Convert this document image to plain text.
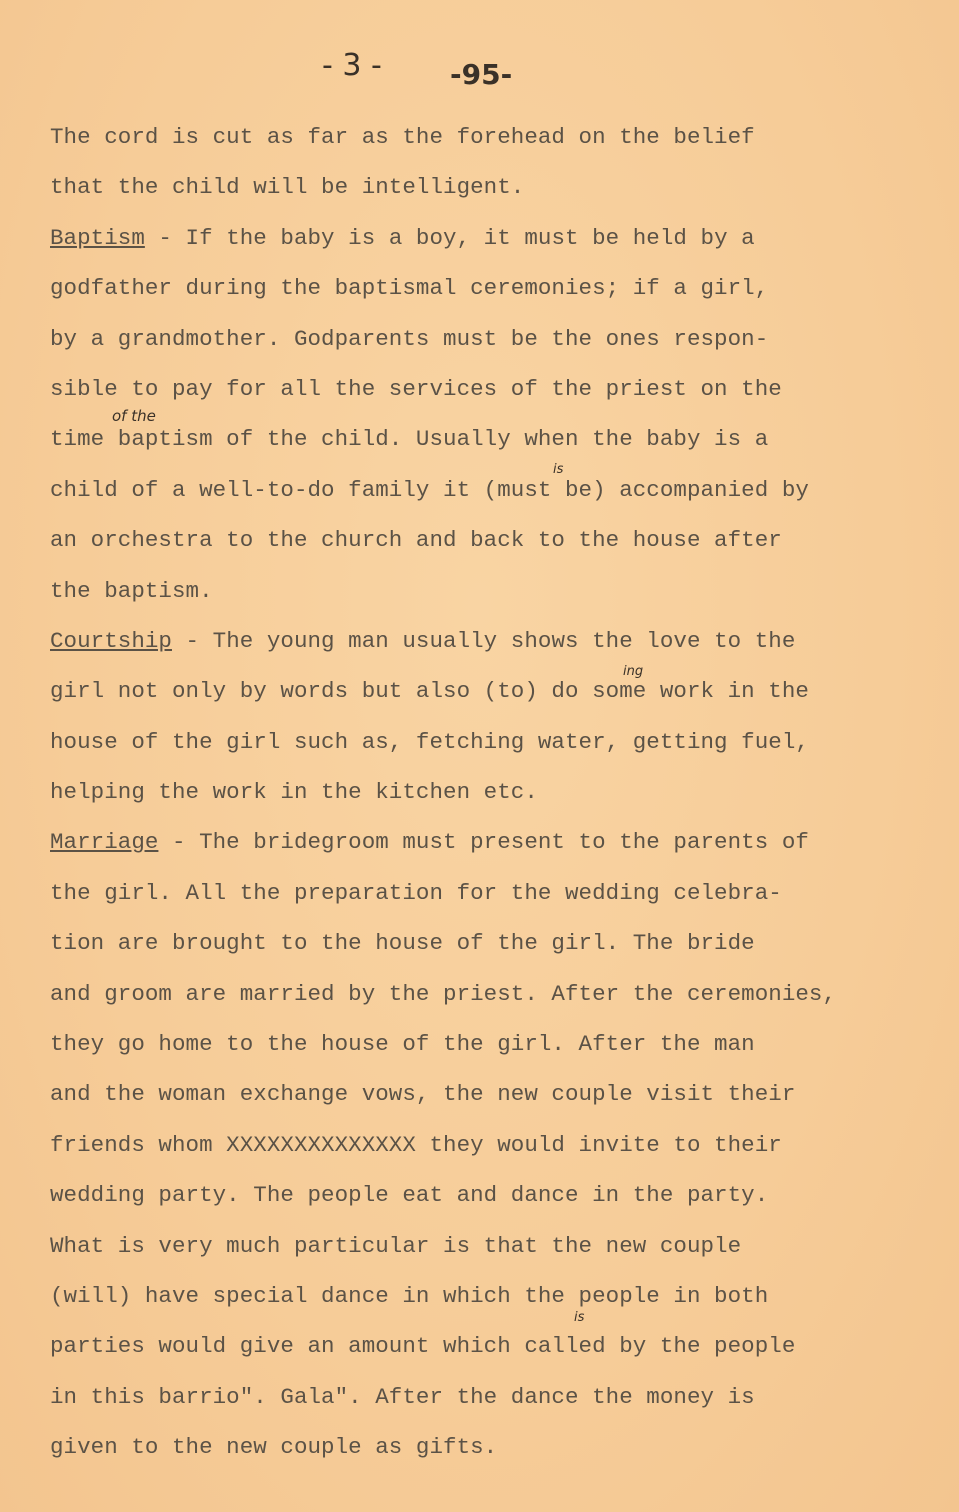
- 3 - -95-
The cord is cut as far as the forehead on the belief
that the child will be intelligent.
Baptism - If the baby is a boy, it must be held by a
godfather during the baptismal ceremonies; if a girl,
by a grandmother. Godparents must be the ones respon-
sible to pay for all the services of the priest on the
time baptism of the child. Usually when the baby is a
child of a well-to-do family it (must be) accompanied by
an orchestra to the church and back to the house after
the baptism.
Courtship - The young man usually shows the love to the
girl not only by words but also (to) do some work in the
house of the girl such as, fetching water, getting fuel,
helping the work in the kitchen etc.
Marriage - The bridegroom must present to the parents of
the girl. All the preparation for the wedding celebra-
tion are brought to the house of the girl. The bride
and groom are married by the priest. After the ceremonies,
they go home to the house of the girl. After the man
and the woman exchange vows, the new couple visit their
friends whom XXXXXXXXXXXXXX they would invite to their
wedding party. The people eat and dance in the party.
What is very much particular is that the new couple
(will) have special dance in which the people in both
parties would give an amount which called by the people
in this barrio". Gala". After the dance the money is
given to the new couple as gifts.
of the
is
ing
is
